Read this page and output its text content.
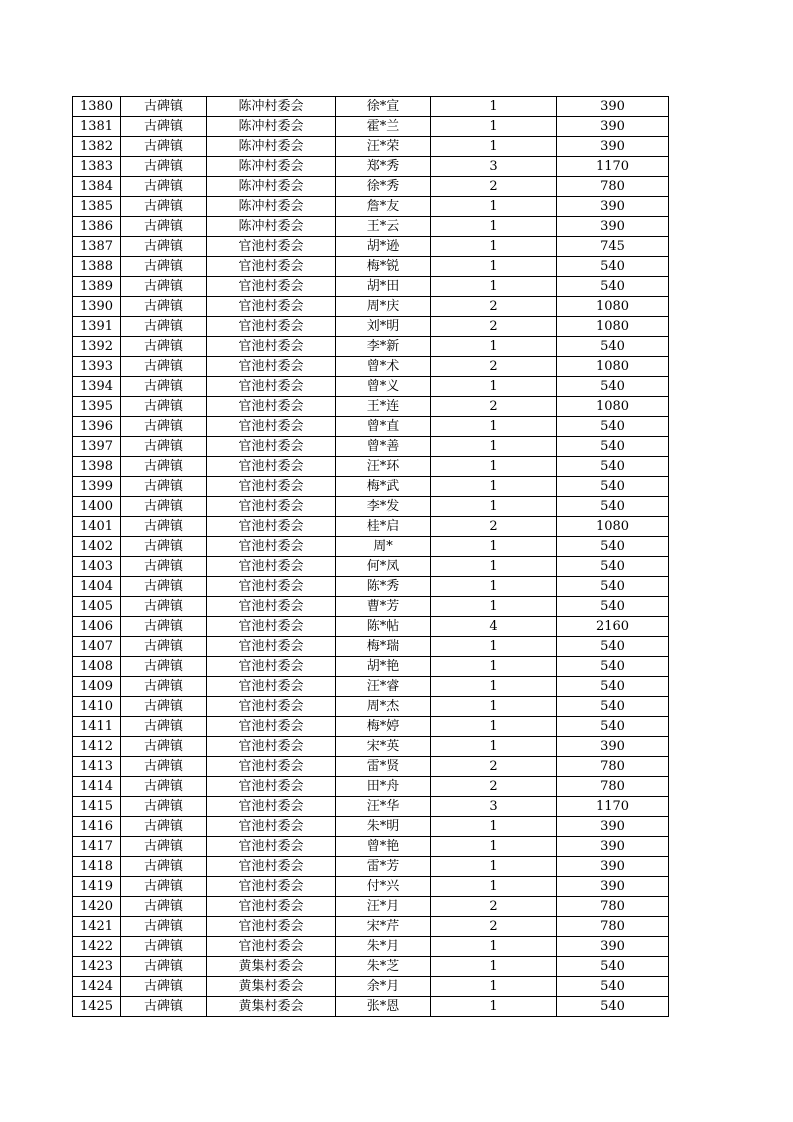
1380	古碑镇	陈冲村委会	徐*宣	1	390
1381	古碑镇	陈冲村委会	霍*兰	1	390
1382	古碑镇	陈冲村委会	汪*荣	1	390
1383	古碑镇	陈冲村委会	郑*秀	3	1170
1384	古碑镇	陈冲村委会	徐*秀	2	780
1385	古碑镇	陈冲村委会	詹*友	1	390
1386	古碑镇	陈冲村委会	王*云	1	390
1387	古碑镇	官池村委会	胡*逊	1	745
1388	古碑镇	官池村委会	梅*锐	1	540
1389	古碑镇	官池村委会	胡*田	1	540
1390	古碑镇	官池村委会	周*庆	2	1080
1391	古碑镇	官池村委会	刘*明	2	1080
1392	古碑镇	官池村委会	李*新	1	540
1393	古碑镇	官池村委会	曾*术	2	1080
1394	古碑镇	官池村委会	曾*义	1	540
1395	古碑镇	官池村委会	王*连	2	1080
1396	古碑镇	官池村委会	曾*直	1	540
1397	古碑镇	官池村委会	曾*善	1	540
1398	古碑镇	官池村委会	汪*环	1	540
1399	古碑镇	官池村委会	梅*武	1	540
1400	古碑镇	官池村委会	李*发	1	540
1401	古碑镇	官池村委会	桂*启	2	1080
1402	古碑镇	官池村委会	周*	1	540
1403	古碑镇	官池村委会	何*凤	1	540
1404	古碑镇	官池村委会	陈*秀	1	540
1405	古碑镇	官池村委会	曹*芳	1	540
1406	古碑镇	官池村委会	陈*帖	4	2160
1407	古碑镇	官池村委会	梅*瑞	1	540
1408	古碑镇	官池村委会	胡*艳	1	540
1409	古碑镇	官池村委会	汪*睿	1	540
1410	古碑镇	官池村委会	周*杰	1	540
1411	古碑镇	官池村委会	梅*婷	1	540
1412	古碑镇	官池村委会	宋*英	1	390
1413	古碑镇	官池村委会	雷*贤	2	780
1414	古碑镇	官池村委会	田*舟	2	780
1415	古碑镇	官池村委会	汪*华	3	1170
1416	古碑镇	官池村委会	朱*明	1	390
1417	古碑镇	官池村委会	曾*艳	1	390
1418	古碑镇	官池村委会	雷*芳	1	390
1419	古碑镇	官池村委会	付*兴	1	390
1420	古碑镇	官池村委会	汪*月	2	780
1421	古碑镇	官池村委会	宋*芹	2	780
1422	古碑镇	官池村委会	朱*月	1	390
1423	古碑镇	黄集村委会	朱*芝	1	540
1424	古碑镇	黄集村委会	余*月	1	540
1425	古碑镇	黄集村委会	张*恩	1	540
